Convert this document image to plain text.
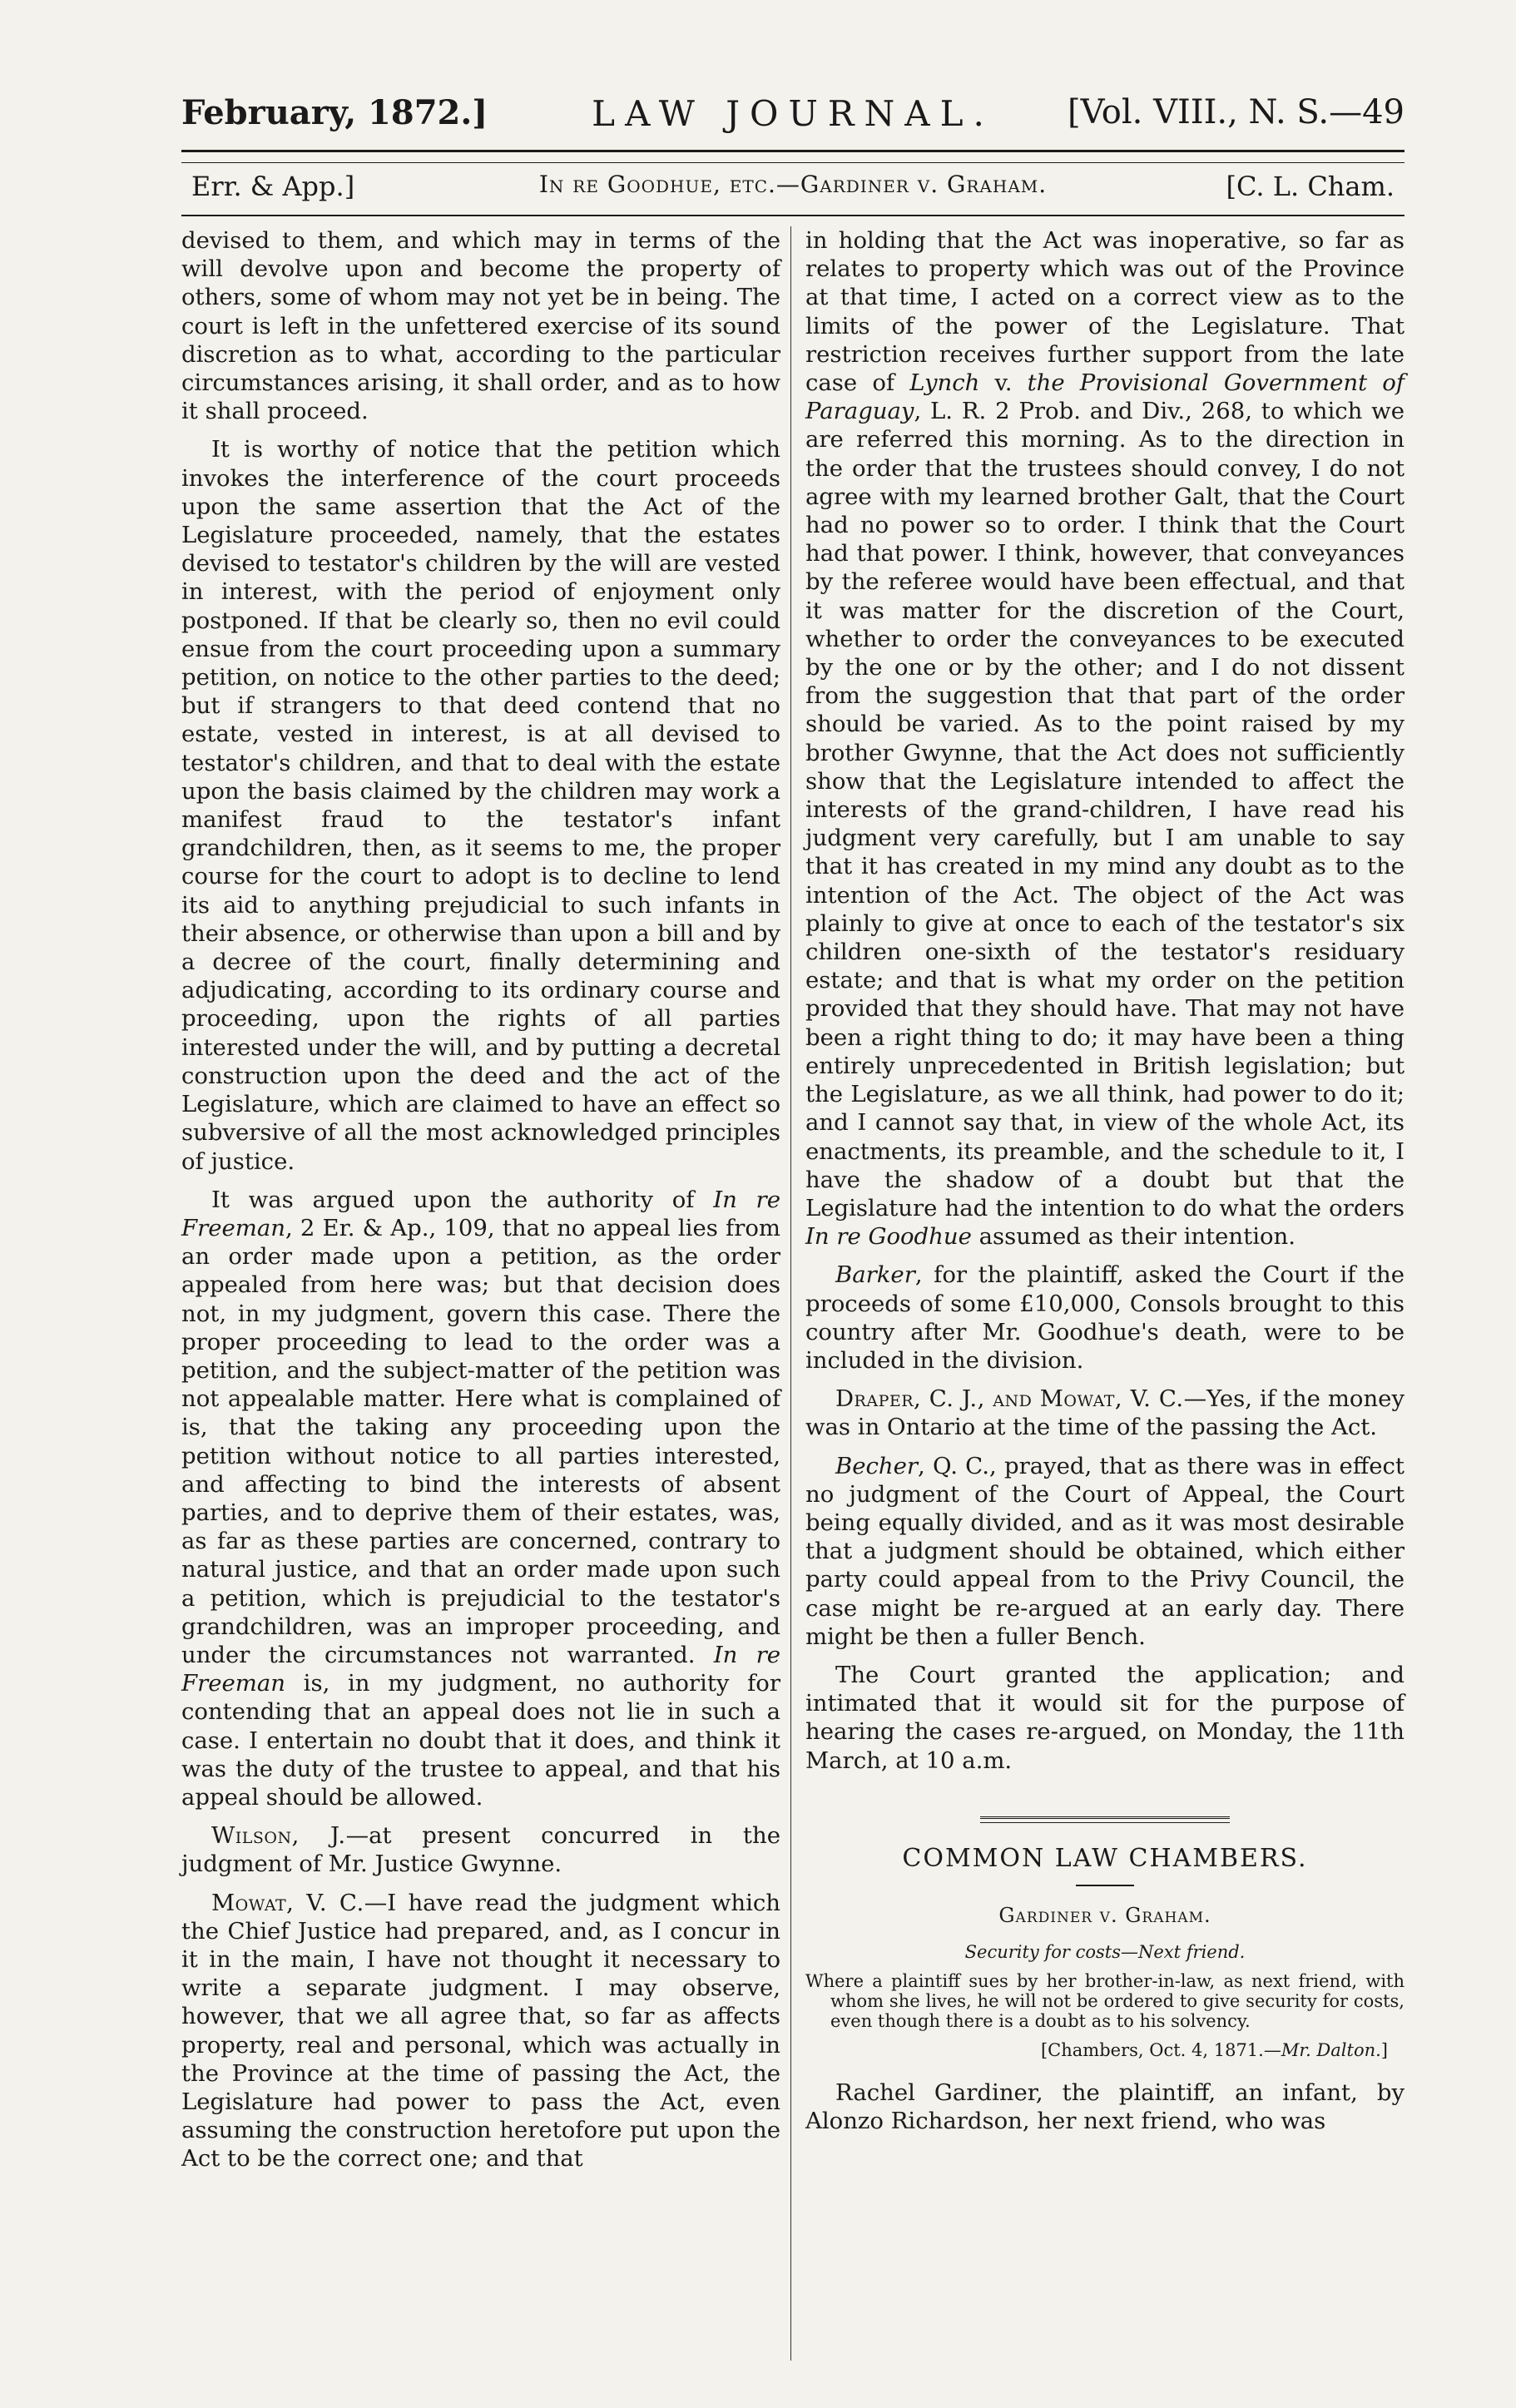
February, 1872.]	LAW JOURNAL.	[Vol. VIII., N. S.—49
Err. & App.]	In re Goodhue, etc.—Gardiner v. Graham.	[C. L. Cham.

devised to them, and which may in terms of the will devolve upon and become the property of others, some of whom may not yet be in being. The court is left in the unfettered exercise of its sound discretion as to what, according to the particular circumstances arising, it shall order, and as to how it shall proceed.

It is worthy of notice that the petition which invokes the interference of the court proceeds upon the same assertion that the Act of the Legislature proceeded, namely, that the estates devised to testator's children by the will are vested in interest, with the period of enjoyment only postponed. If that be clearly so, then no evil could ensue from the court proceeding upon a summary petition, on notice to the other parties to the deed; but if strangers to that deed contend that no estate, vested in interest, is at all devised to testator's children, and that to deal with the estate upon the basis claimed by the children may work a manifest fraud to the testator's infant grandchildren, then, as it seems to me, the proper course for the court to adopt is to decline to lend its aid to anything prejudicial to such infants in their absence, or otherwise than upon a bill and by a decree of the court, finally determining and adjudicating, according to its ordinary course and proceeding, upon the rights of all parties interested under the will, and by putting a decretal construction upon the deed and the act of the Legislature, which are claimed to have an effect so subversive of all the most acknowledged principles of justice.

It was argued upon the authority of In re Freeman, 2 Er. & Ap., 109, that no appeal lies from an order made upon a petition, as the order appealed from here was; but that decision does not, in my judgment, govern this case. There the proper proceeding to lead to the order was a petition, and the subject-matter of the petition was not appealable matter. Here what is complained of is, that the taking any proceeding upon the petition without notice to all parties interested, and affecting to bind the interests of absent parties, and to deprive them of their estates, was, as far as these parties are concerned, contrary to natural justice, and that an order made upon such a petition, which is prejudicial to the testator's grandchildren, was an improper proceeding, and under the circumstances not warranted. In re Freeman is, in my judgment, no authority for contending that an appeal does not lie in such a case. I entertain no doubt that it does, and think it was the duty of the trustee to appeal, and that his appeal should be allowed.

Wilson, J.—at present concurred in the judgment of Mr. Justice Gwynne.

Mowat, V. C.—I have read the judgment which the Chief Justice had prepared, and, as I concur in it in the main, I have not thought it necessary to write a separate judgment. I may observe, however, that we all agree that, so far as affects property, real and personal, which was actually in the Province at the time of passing the Act, the Legislature had power to pass the Act, even assuming the construction heretofore put upon the Act to be the correct one; and that

in holding that the Act was inoperative, so far as relates to property which was out of the Province at that time, I acted on a correct view as to the limits of the power of the Legislature. That restriction receives further support from the late case of Lynch v. the Provisional Government of Paraguay, L. R. 2 Prob. and Div., 268, to which we are referred this morning. As to the direction in the order that the trustees should convey, I do not agree with my learned brother Galt, that the Court had no power so to order. I think that the Court had that power. I think, however, that conveyances by the referee would have been effectual, and that it was matter for the discretion of the Court, whether to order the conveyances to be executed by the one or by the other; and I do not dissent from the suggestion that that part of the order should be varied. As to the point raised by my brother Gwynne, that the Act does not sufficiently show that the Legislature intended to affect the interests of the grand-children, I have read his judgment very carefully, but I am unable to say that it has created in my mind any doubt as to the intention of the Act. The object of the Act was plainly to give at once to each of the testator's six children one-sixth of the testator's residuary estate; and that is what my order on the petition provided that they should have. That may not have been a right thing to do; it may have been a thing entirely unprecedented in British legislation; but the Legislature, as we all think, had power to do it; and I cannot say that, in view of the whole Act, its enactments, its preamble, and the schedule to it, I have the shadow of a doubt but that the Legislature had the intention to do what the orders In re Goodhue assumed as their intention.

Barker, for the plaintiff, asked the Court if the proceeds of some £10,000, Consols brought to this country after Mr. Goodhue's death, were to be included in the division.

Draper, C. J., and Mowat, V. C.—Yes, if the money was in Ontario at the time of the passing the Act.

Becher, Q. C., prayed, that as there was in effect no judgment of the Court of Appeal, the Court being equally divided, and as it was most desirable that a judgment should be obtained, which either party could appeal from to the Privy Council, the case might be re-argued at an early day. There might be then a fuller Bench.

The Court granted the application; and intimated that it would sit for the purpose of hearing the cases re-argued, on Monday, the 11th March, at 10 a.m.

COMMON LAW CHAMBERS.
Gardiner v. Graham.
Security for costs—Next friend.
Where a plaintiff sues by her brother-in-law, as next friend, with whom she lives, he will not be ordered to give security for costs, even though there is a doubt as to his solvency.
[Chambers, Oct. 4, 1871.—Mr. Dalton.]

Rachel Gardiner, the plaintiff, an infant, by Alonzo Richardson, her next friend, who was
